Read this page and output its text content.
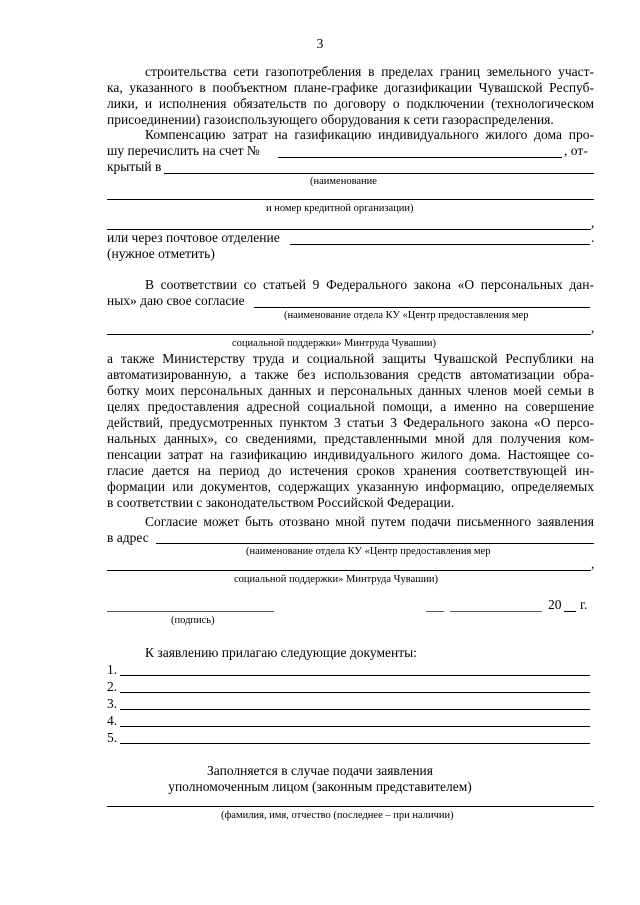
3
строительства сети газопотребления в пределах границ земельного участ-
ка, указанного в пообъектном плане-графике догазификации Чувашской Респуб-
лики, и исполнения обязательств по договору о подключении (технологическом
присоединении) газоиспользующего оборудования к сети газораспределения.
Компенсацию затрат на газификацию индивидуального жилого дома про-
шу перечислить на счет №	, от-
крытый в
(наименование
и номер кредитной организации)
,
или через почтовое отделение	.
(нужное отметить)
В соответствии со статьей 9 Федерального закона «О персональных дан-
ных» даю свое согласие
(наименование отдела КУ «Центр предоставления мер
,
социальной поддержки» Минтруда Чувашии)
а также Министерству труда и социальной защиты Чувашской Республики на
автоматизированную, а также без использования средств автоматизации обра-
ботку моих персональных данных и персональных данных членов моей семьи в
целях предоставления адресной социальной помощи, а именно на совершение
действий, предусмотренных пунктом 3 статьи 3 Федерального закона «О персо-
нальных данных», со сведениями, представленными мной для получения ком-
пенсации затрат на газификацию индивидуального жилого дома. Настоящее со-
гласие дается на период до истечения сроков хранения соответствующей ин-
формации или документов, содержащих указанную информацию, определяемых
в соответствии с законодательством Российской Федерации.
Согласие может быть отозвано мной путем подачи письменного заявления
в адрес
(наименование отдела КУ «Центр предоставления мер
,
социальной поддержки» Минтруда Чувашии)
(подпись)
20 г.
К заявлению прилагаю следующие документы:
1.
2.
3.
4.
5.
Заполняется в случае подачи заявления
уполномоченным лицом (законным представителем)
(фамилия, имя, отчество (последнее – при наличии)
